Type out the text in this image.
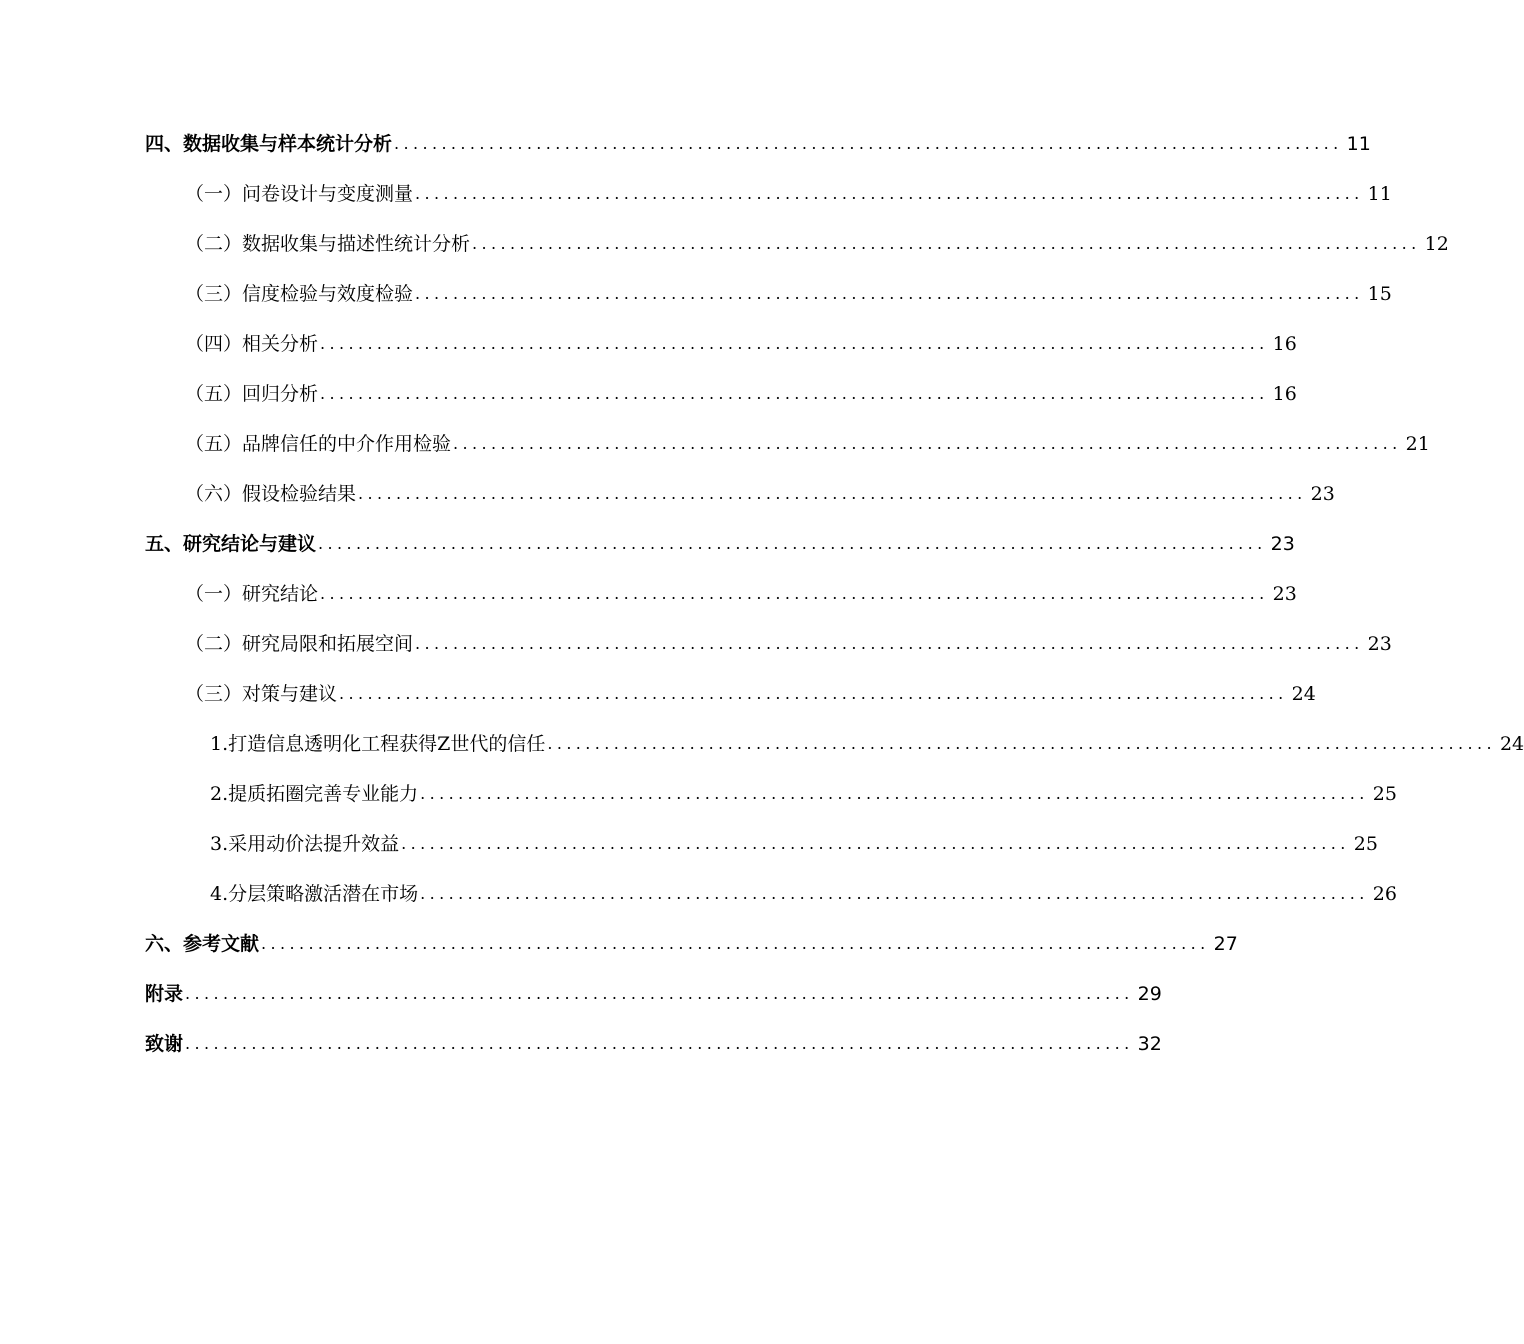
四、数据收集与样本统计分析 .................................................................................................... 11
（一）问卷设计与变度测量 .................................................................................................... 11
（二）数据收集与描述性统计分析 .................................................................................................... 12
（三）信度检验与效度检验 .................................................................................................... 15
（四）相关分析 .................................................................................................... 16
（五）回归分析 .................................................................................................... 16
（五）品牌信任的中介作用检验 .................................................................................................... 21
（六）假设检验结果 .................................................................................................... 23
五、研究结论与建议 .................................................................................................... 23
（一）研究结论 .................................................................................................... 23
（二）研究局限和拓展空间 .................................................................................................... 23
（三）对策与建议 .................................................................................................... 24
1.打造信息透明化工程获得Z世代的信任 .................................................................................................... 24
2.提质拓圈完善专业能力 .................................................................................................... 25
3.采用动价法提升效益 .................................................................................................... 25
4.分层策略激活潜在市场 .................................................................................................... 26
六、参考文献 .................................................................................................... 27
附录 .................................................................................................... 29
致谢 .................................................................................................... 32
